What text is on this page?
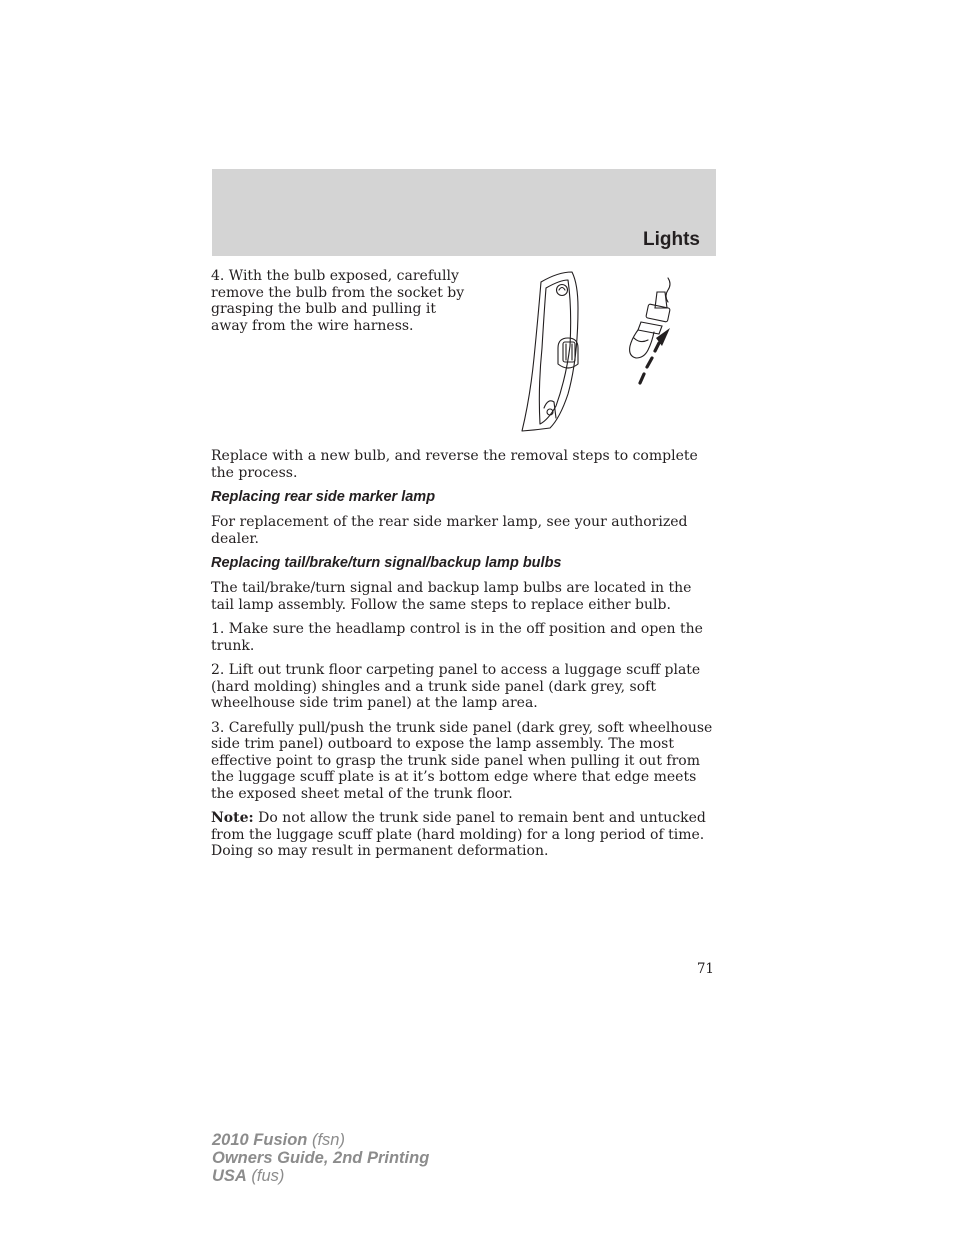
Lights

4. With the bulb exposed, carefully remove the bulb from the socket by grasping the bulb and pulling it away from the wire harness.

Replace with a new bulb, and reverse the removal steps to complete the process.

Replacing rear side marker lamp

For replacement of the rear side marker lamp, see your authorized dealer.

Replacing tail/brake/turn signal/backup lamp bulbs

The tail/brake/turn signal and backup lamp bulbs are located in the tail lamp assembly. Follow the same steps to replace either bulb.

1. Make sure the headlamp control is in the off position and open the trunk.

2. Lift out trunk floor carpeting panel to access a luggage scuff plate (hard molding) shingles and a trunk side panel (dark grey, soft wheelhouse side trim panel) at the lamp area.

3. Carefully pull/push the trunk side panel (dark grey, soft wheelhouse side trim panel) outboard to expose the lamp assembly. The most effective point to grasp the trunk side panel when pulling it out from the luggage scuff plate is at it’s bottom edge where that edge meets the exposed sheet metal of the trunk floor.

Note: Do not allow the trunk side panel to remain bent and untucked from the luggage scuff plate (hard molding) for a long period of time. Doing so may result in permanent deformation.

71
2010 Fusion (fsn)
Owners Guide, 2nd Printing
USA (fus)
